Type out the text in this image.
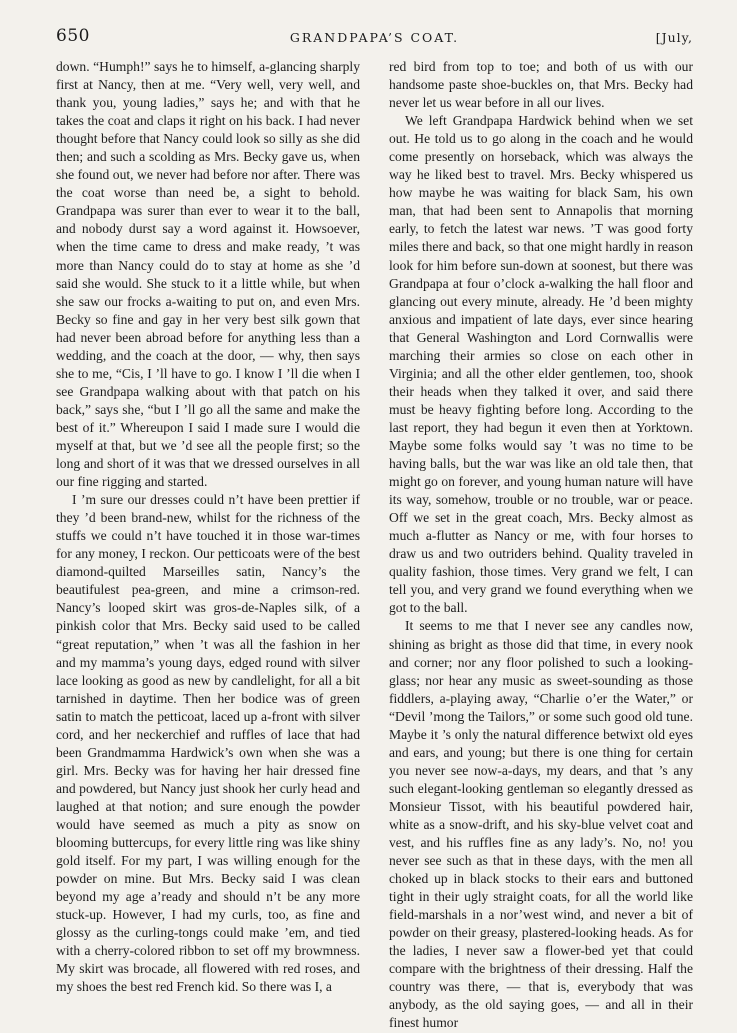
650	GRANDPAPA’S COAT.	[July,

down. “Humph!” says he to himself, a-glancing sharply first at Nancy, then at me. “Very well, very well, and thank you, young ladies,” says he; and with that he takes the coat and claps it right on his back. I had never thought before that Nancy could look so silly as she did then; and such a scolding as Mrs. Becky gave us, when she found out, we never had before nor after. There was the coat worse than need be, a sight to behold. Grandpapa was surer than ever to wear it to the ball, and nobody durst say a word against it. Howsoever, when the time came to dress and make ready, ’t was more than Nancy could do to stay at home as she ’d said she would. She stuck to it a little while, but when she saw our frocks a-waiting to put on, and even Mrs. Becky so fine and gay in her very best silk gown that had never been abroad before for anything less than a wedding, and the coach at the door, — why, then says she to me, “Cis, I ’ll have to go. I know I ’ll die when I see Grandpapa walking about with that patch on his back,” says she, “but I ’ll go all the same and make the best of it.” Whereupon I said I made sure I would die myself at that, but we ’d see all the people first; so the long and short of it was that we dressed ourselves in all our fine rigging and started.

I ’m sure our dresses could n’t have been prettier if they ’d been brand-new, whilst for the richness of the stuffs we could n’t have touched it in those war-times for any money, I reckon. Our petticoats were of the best diamond-quilted Marseilles satin, Nancy’s the beautifulest pea-green, and mine a crimson-red. Nancy’s looped skirt was gros-de-Naples silk, of a pinkish color that Mrs. Becky said used to be called “great reputation,” when ’t was all the fashion in her and my mamma’s young days, edged round with silver lace looking as good as new by candlelight, for all a bit tarnished in daytime. Then her bodice was of green satin to match the petticoat, laced up a-front with silver cord, and her neckerchief and ruffles of lace that had been Grandmamma Hardwick’s own when she was a girl. Mrs. Becky was for having her hair dressed fine and powdered, but Nancy just shook her curly head and laughed at that notion; and sure enough the powder would have seemed as much a pity as snow on blooming buttercups, for every little ring was like shiny gold itself. For my part, I was willing enough for the powder on mine. But Mrs. Becky said I was clean beyond my age a’ready and should n’t be any more stuck-up. However, I had my curls, too, as fine and glossy as the curling-tongs could make ’em, and tied with a cherry-colored ribbon to set off my browmness. My skirt was brocade, all flowered with red roses, and my shoes the best red French kid. So there was I, a

red bird from top to toe; and both of us with our handsome paste shoe-buckles on, that Mrs. Becky had never let us wear before in all our lives.

We left Grandpapa Hardwick behind when we set out. He told us to go along in the coach and he would come presently on horseback, which was always the way he liked best to travel. Mrs. Becky whispered us how maybe he was waiting for black Sam, his own man, that had been sent to Annapolis that morning early, to fetch the latest war news. ’T was good forty miles there and back, so that one might hardly in reason look for him before sun-down at soonest, but there was Grandpapa at four o’clock a-walking the hall floor and glancing out every minute, already. He ’d been mighty anxious and impatient of late days, ever since hearing that General Washington and Lord Cornwallis were marching their armies so close on each other in Virginia; and all the other elder gentlemen, too, shook their heads when they talked it over, and said there must be heavy fighting before long. According to the last report, they had begun it even then at Yorktown. Maybe some folks would say ’t was no time to be having balls, but the war was like an old tale then, that might go on forever, and young human nature will have its way, somehow, trouble or no trouble, war or peace. Off we set in the great coach, Mrs. Becky almost as much a-flutter as Nancy or me, with four horses to draw us and two outriders behind. Quality traveled in quality fashion, those times. Very grand we felt, I can tell you, and very grand we found everything when we got to the ball.

It seems to me that I never see any candles now, shining as bright as those did that time, in every nook and corner; nor any floor polished to such a looking-glass; nor hear any music as sweet-sounding as those fiddlers, a-playing away, “Charlie o’er the Water,” or “Devil ’mong the Tailors,” or some such good old tune. Maybe it ’s only the natural difference betwixt old eyes and ears, and young; but there is one thing for certain you never see now-a-days, my dears, and that ’s any such elegant-looking gentleman so elegantly dressed as Monsieur Tissot, with his beautiful powdered hair, white as a snow-drift, and his sky-blue velvet coat and vest, and his ruffles fine as any lady’s. No, no! you never see such as that in these days, with the men all choked up in black stocks to their ears and buttoned tight in their ugly straight coats, for all the world like field-marshals in a nor’west wind, and never a bit of powder on their greasy, plastered-looking heads. As for the ladies, I never saw a flower-bed yet that could compare with the brightness of their dressing. Half the country was there, — that is, everybody that was anybody, as the old saying goes, — and all in their finest humor
